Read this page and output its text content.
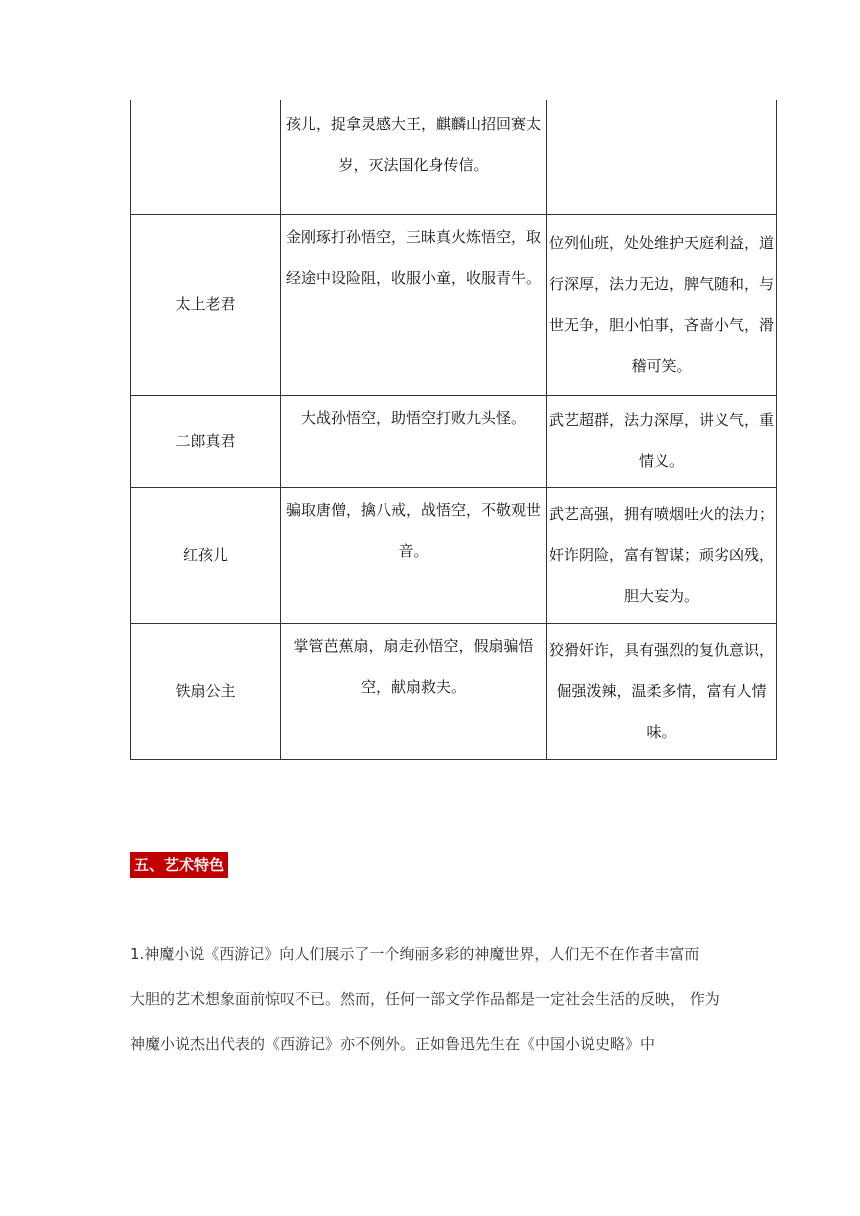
	孩儿，捉拿灵感大王，麒麟山招回赛太岁，灭法国化身传信。	
太上老君	金刚琢打孙悟空，三昧真火炼悟空，取经途中设险阻，收服小童，收服青牛。	位列仙班，处处维护天庭利益，道行深厚，法力无边，脾气随和，与世无争，胆小怕事，吝啬小气，滑稽可笑。
二郎真君	大战孙悟空，助悟空打败九头怪。	武艺超群，法力深厚，讲义气，重情义。
红孩儿	骗取唐僧，擒八戒，战悟空，不敬观世音。	武艺高强，拥有喷烟吐火的法力；奸诈阴险，富有智谋；顽劣凶残，胆大妄为。
铁扇公主	掌管芭蕉扇，扇走孙悟空，假扇骗悟空，献扇救夫。	狡猾奸诈，具有强烈的复仇意识，倔强泼辣，温柔多情，富有人情味。
五、艺术特色
1.神魔小说《西游记》向人们展示了一个绚丽多彩的神魔世界，人们无不在作者丰富而
大胆的艺术想象面前惊叹不已。然而，任何一部文学作品都是一定社会生活的反映， 作为
神魔小说杰出代表的《西游记》亦不例外。正如鲁迅先生在《中国小说史略》中
